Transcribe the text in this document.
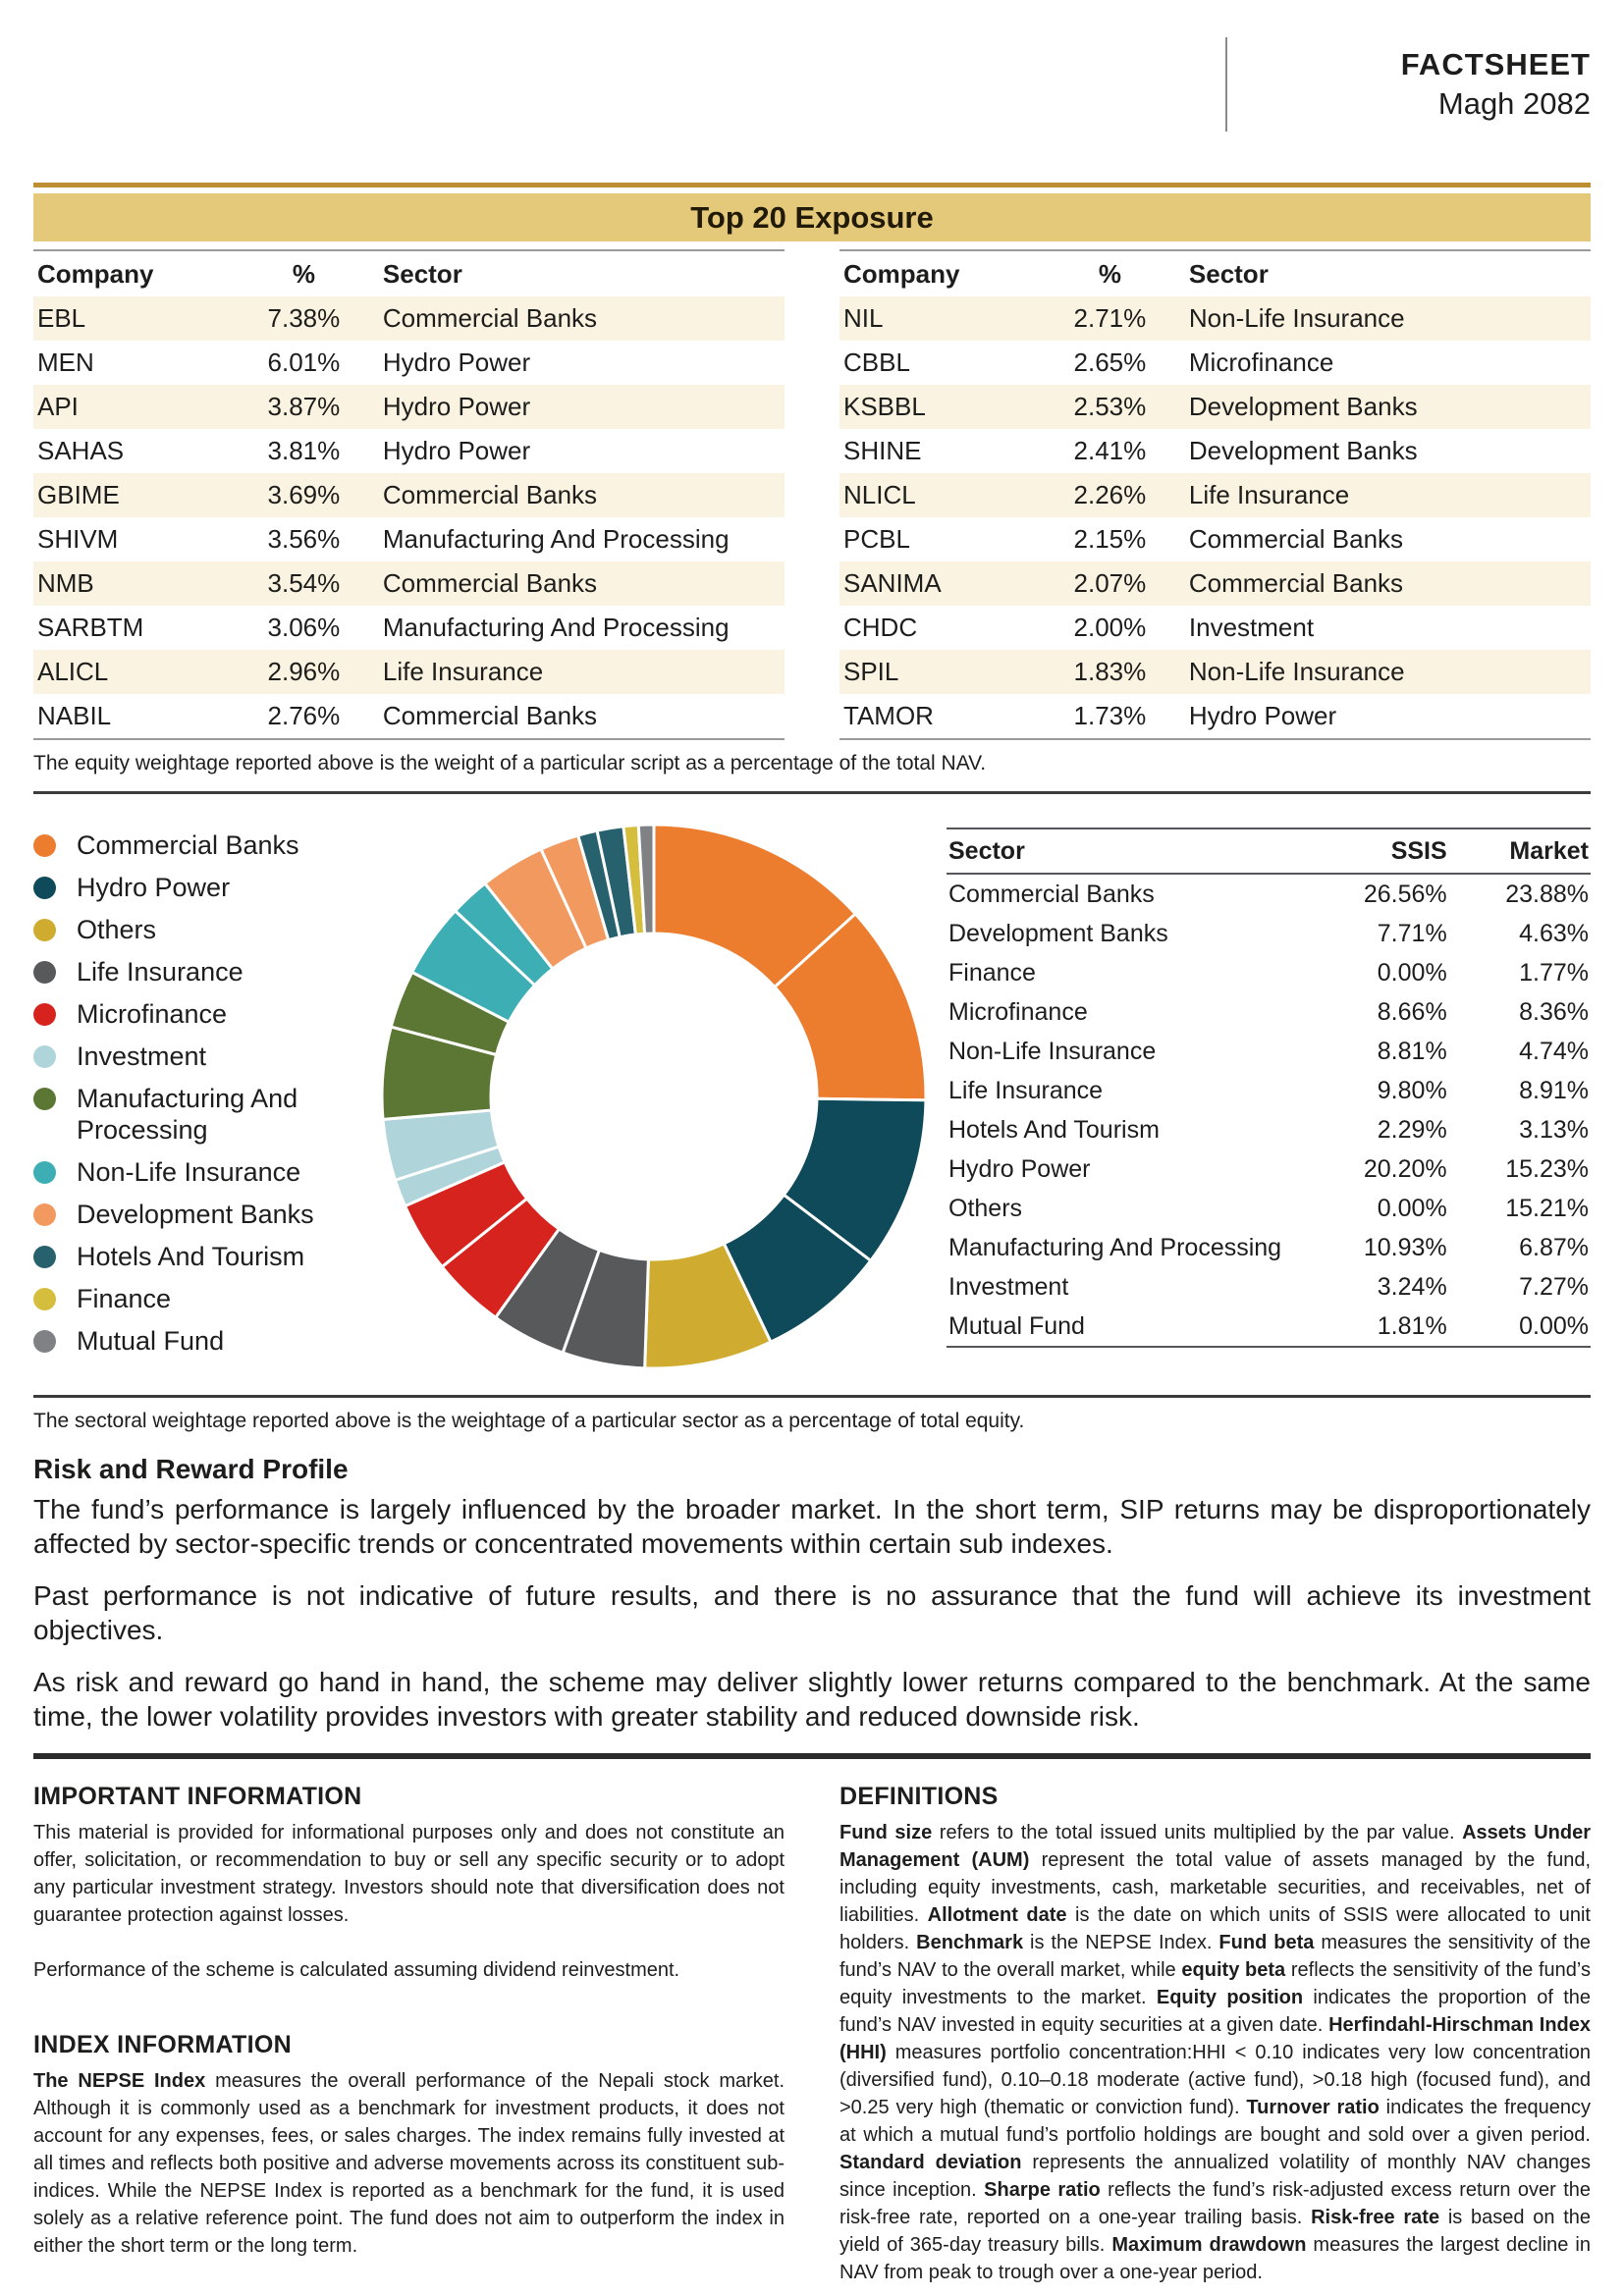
FACTSHEET
Magh 2082
Top 20 Exposure
Company	%	Sector
EBL	7.38%	Commercial Banks
MEN	6.01%	Hydro Power
API	3.87%	Hydro Power
SAHAS	3.81%	Hydro Power
GBIME	3.69%	Commercial Banks
SHIVM	3.56%	Manufacturing And Processing
NMB	3.54%	Commercial Banks
SARBTM	3.06%	Manufacturing And Processing
ALICL	2.96%	Life Insurance
NABIL	2.76%	Commercial Banks
Company	%	Sector
NIL	2.71%	Non-Life Insurance
CBBL	2.65%	Microfinance
KSBBL	2.53%	Development Banks
SHINE	2.41%	Development Banks
NLICL	2.26%	Life Insurance
PCBL	2.15%	Commercial Banks
SANIMA	2.07%	Commercial Banks
CHDC	2.00%	Investment
SPIL	1.83%	Non-Life Insurance
TAMOR	1.73%	Hydro Power

The equity weightage reported above is the weight of a particular script as a percentage of the total NAV.

Commercial Banks
Hydro Power
Others
Life Insurance
Microfinance
Investment
Manufacturing And Processing
Non-Life Insurance
Development Banks
Hotels And Tourism
Finance
Mutual Fund
Sector	SSIS	Market
Commercial Banks	26.56%	23.88%
Development Banks	7.71%	4.63%
Finance	0.00%	1.77%
Microfinance	8.66%	8.36%
Non-Life Insurance	8.81%	4.74%
Life Insurance	9.80%	8.91%
Hotels And Tourism	2.29%	3.13%
Hydro Power	20.20%	15.23%
Others	0.00%	15.21%
Manufacturing And Processing	10.93%	6.87%
Investment	3.24%	7.27%
Mutual Fund	1.81%	0.00%

The sectoral weightage reported above is the weightage of a particular sector as a percentage of total equity.

Risk and Reward Profile

The fund’s performance is largely influenced by the broader market. In the short term, SIP returns may be disproportionately affected by sector-specific trends or concentrated movements within certain sub indexes.

Past performance is not indicative of future results, and there is no assurance that the fund will achieve its investment objectives.

As risk and reward go hand in hand, the scheme may deliver slightly lower returns compared to the benchmark. At the same time, the lower volatility provides investors with greater stability and reduced downside risk.

IMPORTANT INFORMATION

This material is provided for informational purposes only and does not constitute an offer, solicitation, or recommendation to buy or sell any specific security or to adopt any particular investment strategy. Investors should note that diversification does not guarantee protection against losses.

Performance of the scheme is calculated assuming dividend reinvestment.

INDEX INFORMATION

The NEPSE Index measures the overall performance of the Nepali stock market. Although it is commonly used as a benchmark for investment products, it does not account for any expenses, fees, or sales charges. The index remains fully invested at all times and reflects both positive and adverse movements across its constituent sub-indices. While the NEPSE Index is reported as a benchmark for the fund, it is used solely as a relative reference point. The fund does not aim to outperform the index in either the short term or the long term.

DEFINITIONS

Fund size refers to the total issued units multiplied by the par value. Assets Under Management (AUM) represent the total value of assets managed by the fund, including equity investments, cash, marketable securities, and receivables, net of liabilities. Allotment date is the date on which units of SSIS were allocated to unit holders. Benchmark is the NEPSE Index. Fund beta measures the sensitivity of the fund’s NAV to the overall market, while equity beta reflects the sensitivity of the fund’s equity investments to the market. Equity position indicates the proportion of the fund’s NAV invested in equity securities at a given date. Herfindahl-Hirschman Index (HHI) measures portfolio concentration:HHI < 0.10 indicates very low concentration (diversified fund), 0.10–0.18 moderate (active fund), >0.18 high (focused fund), and >0.25 very high (thematic or conviction fund). Turnover ratio indicates the frequency at which a mutual fund’s portfolio holdings are bought and sold over a given period. Standard deviation represents the annualized volatility of monthly NAV changes since inception. Sharpe ratio reflects the fund’s risk-adjusted excess return over the risk-free rate, reported on a one-year trailing basis. Risk-free rate is based on the yield of 365-day treasury bills. Maximum drawdown measures the largest decline in NAV from peak to trough over a one-year period.
